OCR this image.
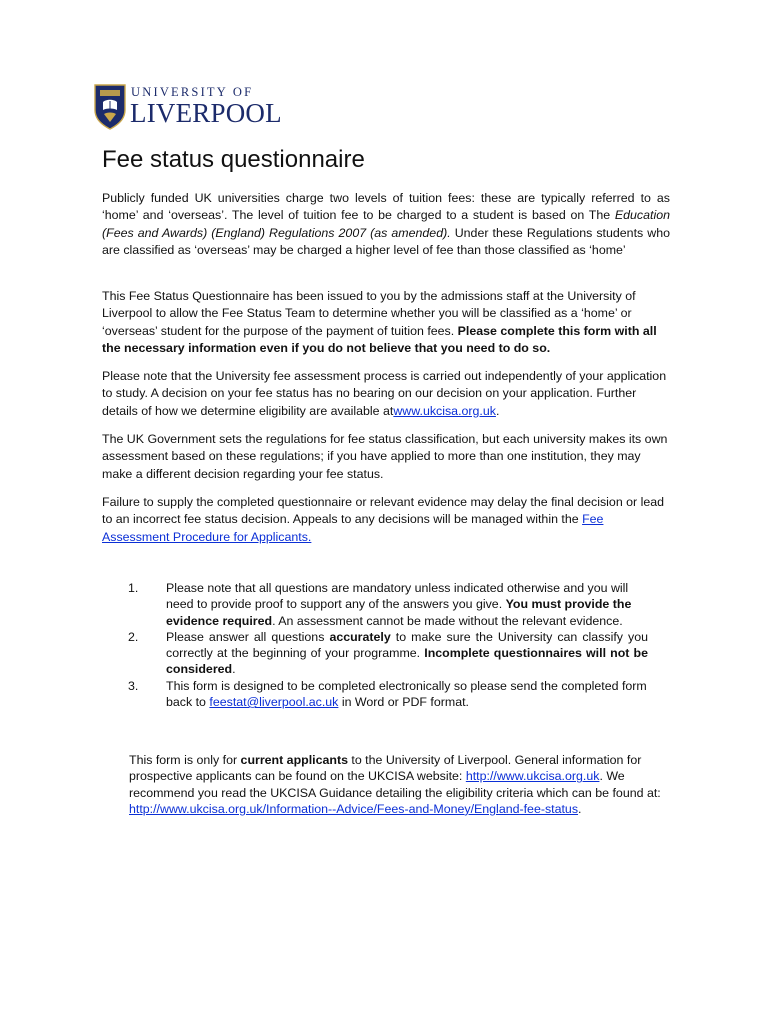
UNIVERSITY OF
LIVERPOOL
Fee status questionnaire

Publicly funded UK universities charge two levels of tuition fees: these are typically referred to as ‘home’ and ‘overseas’. The level of tuition fee to be charged to a student is based on The Education (Fees and Awards) (England) Regulations 2007 (as amended). Under these Regulations students who are classified as ‘overseas’ may be charged a higher level of fee than those classified as ‘home’

This Fee Status Questionnaire has been issued to you by the admissions staff at the University of Liverpool to allow the Fee Status Team to determine whether you will be classified as a ‘home’ or ‘overseas’ student for the purpose of the payment of tuition fees. Please complete this form with all the necessary information even if you do not believe that you need to do so.

Please note that the University fee assessment process is carried out independently of your application to study. A decision on your fee status has no bearing on our decision on your application. Further details of how we determine eligibility are available atwww.ukcisa.org.uk.

The UK Government sets the regulations for fee status classification, but each university makes its own assessment based on these regulations; if you have applied to more than one institution, they may make a different decision regarding your fee status.

Failure to supply the completed questionnaire or relevant evidence may delay the final decision or lead to an incorrect fee status decision. Appeals to any decisions will be managed within the Fee Assessment Procedure for Applicants.

1. Please note that all questions are mandatory unless indicated otherwise and you will need to provide proof to support any of the answers you give. You must provide the evidence required. An assessment cannot be made without the relevant evidence.
2. Please answer all questions accurately to make sure the University can classify you correctly at the beginning of your programme. Incomplete questionnaires will not be considered.
3. This form is designed to be completed electronically so please send the completed form back to feestat@liverpool.ac.uk in Word or PDF format.

This form is only for current applicants to the University of Liverpool. General information for prospective applicants can be found on the UKCISA website: http://www.ukcisa.org.uk. We recommend you read the UKCISA Guidance detailing the eligibility criteria which can be found at: http://www.ukcisa.org.uk/Information--Advice/Fees-and-Money/England-fee-status.
